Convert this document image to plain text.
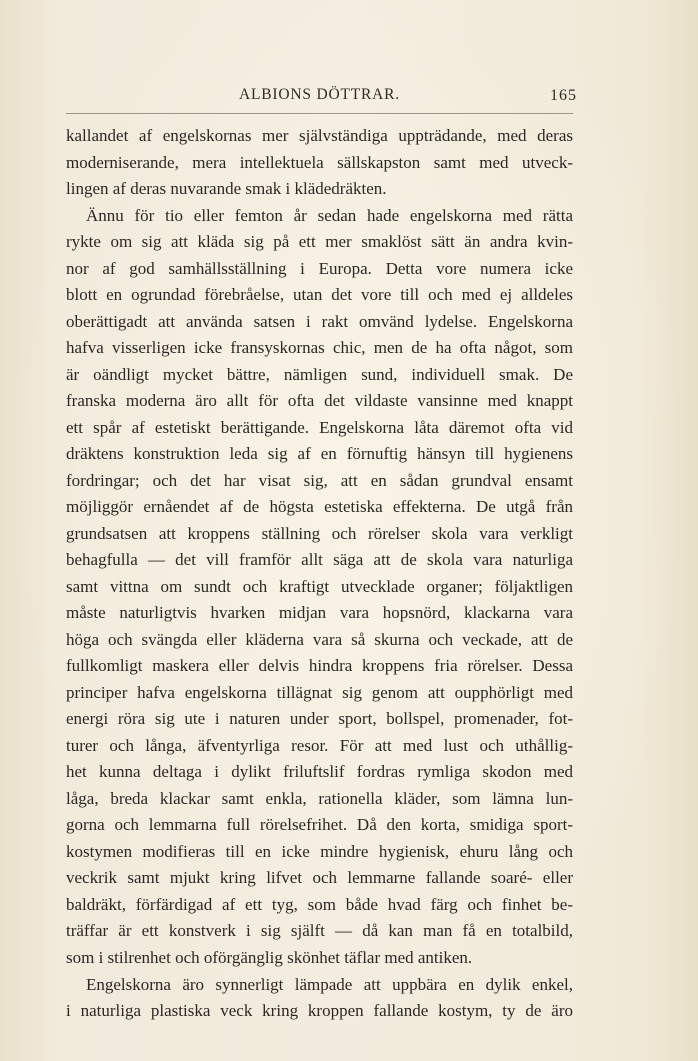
ALBIONS DÖTTRAR.	165
kallandet af engelskornas mer självständiga uppträdande, med deras
moderniserande, mera intellektuela sällskapston samt med utveck-
lingen af deras nuvarande smak i klädedräkten.
Ännu för tio eller femton år sedan hade engelskorna med rätta
rykte om sig att kläda sig på ett mer smaklöst sätt än andra kvin-
nor af god samhällsställning i Europa. Detta vore numera icke
blott en ogrundad förebråelse, utan det vore till och med ej alldeles
oberättigadt att använda satsen i rakt omvänd lydelse. Engelskorna
hafva visserligen icke fransyskornas chic, men de ha ofta något, som
är oändligt mycket bättre, nämligen sund, individuell smak. De
franska moderna äro allt för ofta det vildaste vansinne med knappt
ett spår af estetiskt berättigande. Engelskorna låta däremot ofta vid
dräktens konstruktion leda sig af en förnuftig hänsyn till hygienens
fordringar; och det har visat sig, att en sådan grundval ensamt
möjliggör ernåendet af de högsta estetiska effekterna. De utgå från
grundsatsen att kroppens ställning och rörelser skola vara verkligt
behagfulla — det vill framför allt säga att de skola vara naturliga
samt vittna om sundt och kraftigt utvecklade organer; följaktligen
måste naturligtvis hvarken midjan vara hopsnörd, klackarna vara
höga och svängda eller kläderna vara så skurna och veckade, att de
fullkomligt maskera eller delvis hindra kroppens fria rörelser. Dessa
principer hafva engelskorna tillägnat sig genom att oupphörligt med
energi röra sig ute i naturen under sport, bollspel, promenader, fot-
turer och långa, äfventyrliga resor. För att med lust och uthållig-
het kunna deltaga i dylikt friluftslif fordras rymliga skodon med
låga, breda klackar samt enkla, rationella kläder, som lämna lun-
gorna och lemmarna full rörelsefrihet. Då den korta, smidiga sport-
kostymen modifieras till en icke mindre hygienisk, ehuru lång och
veckrik samt mjukt kring lifvet och lemmarne fallande soaré- eller
baldräkt, förfärdigad af ett tyg, som både hvad färg och finhet be-
träffar är ett konstverk i sig själft — då kan man få en totalbild,
som i stilrenhet och oförgänglig skönhet täflar med antiken.
Engelskorna äro synnerligt lämpade att uppbära en dylik enkel,
i naturliga plastiska veck kring kroppen fallande kostym, ty de äro
